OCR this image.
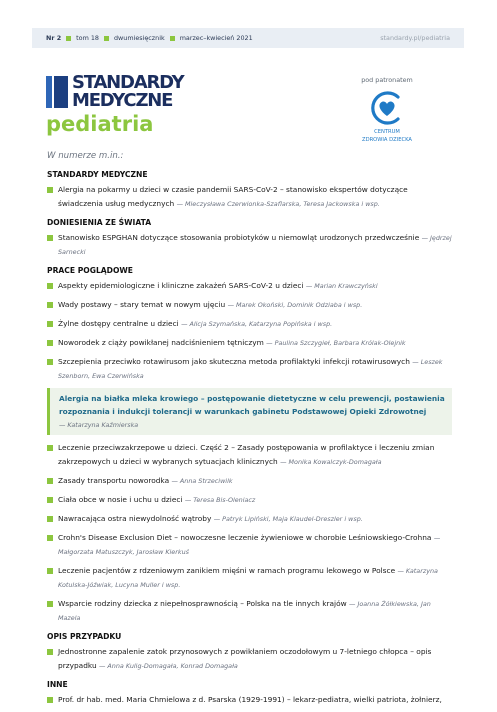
Nr 2 tom 18 dwumiesięcznik marzec–kwiecień 2021	standardy.pl/pediatria
STANDARDY
MEDYCZNE
pediatria
pod patronatem
CENTRUM
ZDROWIA DZIECKA
W numerze m.in.:
STANDARDY MEDYCZNE
Alergia na pokarmy u dzieci w czasie pandemii SARS-CoV-2 – stanowisko ekspertów dotyczące świadczenia usług medycznych — Mieczysława Czerwionka-Szaflarska, Teresa Jackowska i wsp.
DONIESIENIA ZE ŚWIATA
Stanowisko ESPGHAN dotyczące stosowania probiotyków u niemowląt urodzonych przedwcześnie — Jędrzej Sarnecki
PRACE POGLĄDOWE
Aspekty epidemiologiczne i kliniczne zakażeń SARS-CoV-2 u dzieci — Marian Krawczyński
Wady postawy – stary temat w nowym ujęciu — Marek Okoński, Dominik Odziaba i wsp.
Żylne dostępy centralne u dzieci — Alicja Szymańska, Katarzyna Popińska i wsp.
Noworodek z ciąży powikłanej nadciśnieniem tętniczym — Paulina Szczygieł, Barbara Królak-Olejnik
Szczepienia przeciwko rotawirusom jako skuteczna metoda profilaktyki infekcji rotawirusowych — Leszek Szenborn, Ewa Czerwińska
Alergia na białka mleka krowiego – postępowanie dietetyczne w celu prewencji, postawienia rozpoznania i indukcji tolerancji w warunkach gabinetu Podstawowej Opieki Zdrowotnej
— Katarzyna Kaźmierska
Leczenie przeciwzakrzepowe u dzieci. Część 2 – Zasady postępowania w profilaktyce i leczeniu zmian zakrzepowych u dzieci w wybranych sytuacjach klinicznych — Monika Kowalczyk-Domagała
Zasady transportu noworodka — Anna Strzeciwilk
Ciała obce w nosie i uchu u dzieci — Teresa Bis-Oleniacz
Nawracająca ostra niewydolność wątroby — Patryk Lipiński, Maja Klaudel-Dreszler i wsp.
Crohn's Disease Exclusion Diet – nowoczesne leczenie żywieniowe w chorobie Leśniowskiego-Crohna — Małgorzata Matuszczyk, Jarosław Kierkuś
Leczenie pacjentów z rdzeniowym zanikiem mięśni w ramach programu lekowego w Polsce — Katarzyna Kotulska-Jóźwiak, Lucyna Muller i wsp.
Wsparcie rodziny dziecka z niepełnosprawnością – Polska na tle innych krajów — Joanna Żółkiewska, Jan Mazela
OPIS PRZYPADKU
Jednostronne zapalenie zatok przynosowych z powikłaniem oczodołowym u 7-letniego chłopca – opis przypadku — Anna Kulig-Domagała, Konrad Domagała
INNE
Prof. dr hab. med. Maria Chmielowa z d. Psarska (1929-1991) – lekarz-pediatra, wielki patriota, żołnierz,
